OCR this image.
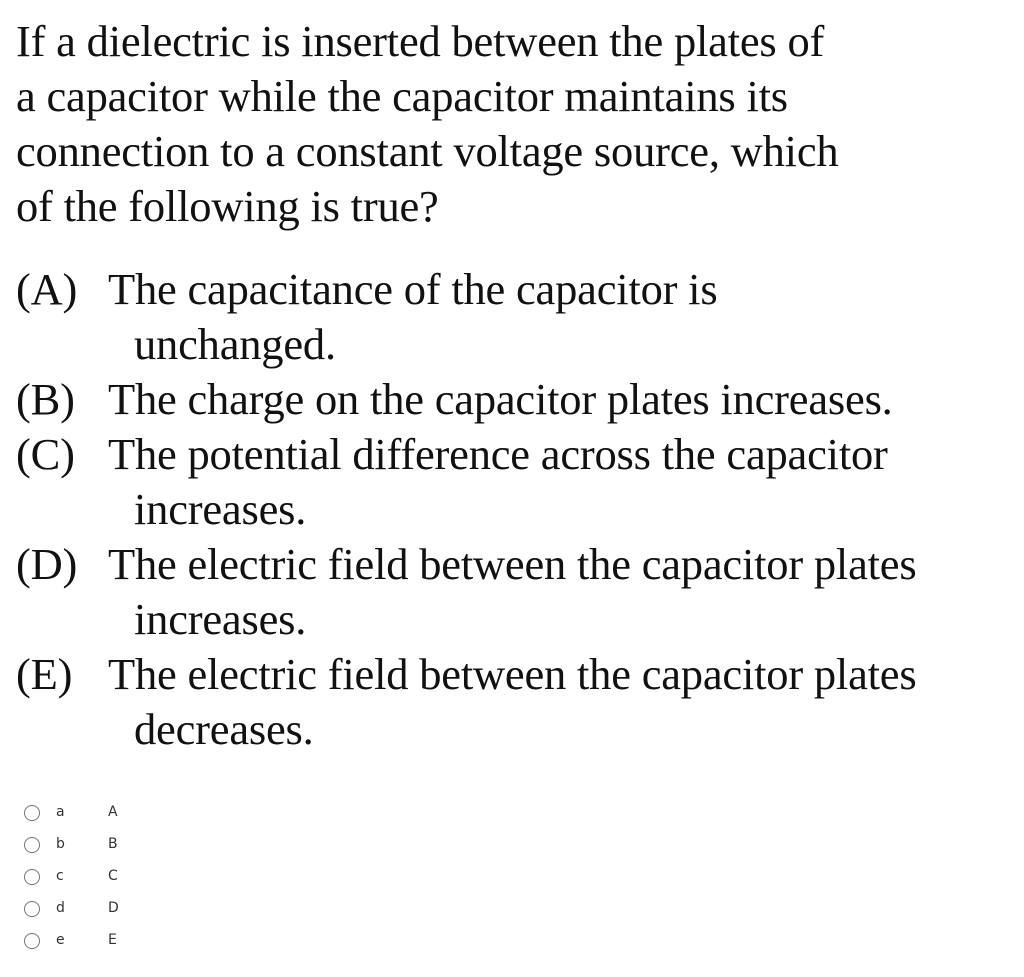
If a dielectric is inserted between the plates of
a capacitor while the capacitor maintains its
connection to a constant voltage source, which
of the following is true?
(A) The capacitance of the capacitor is
unchanged.
(B) The charge on the capacitor plates increases.
(C) The potential difference across the capacitor
increases.
(D) The electric field between the capacitor plates
increases.
(E) The electric field between the capacitor plates
decreases.
a	A
b	B
c	C
d	D
e	E
